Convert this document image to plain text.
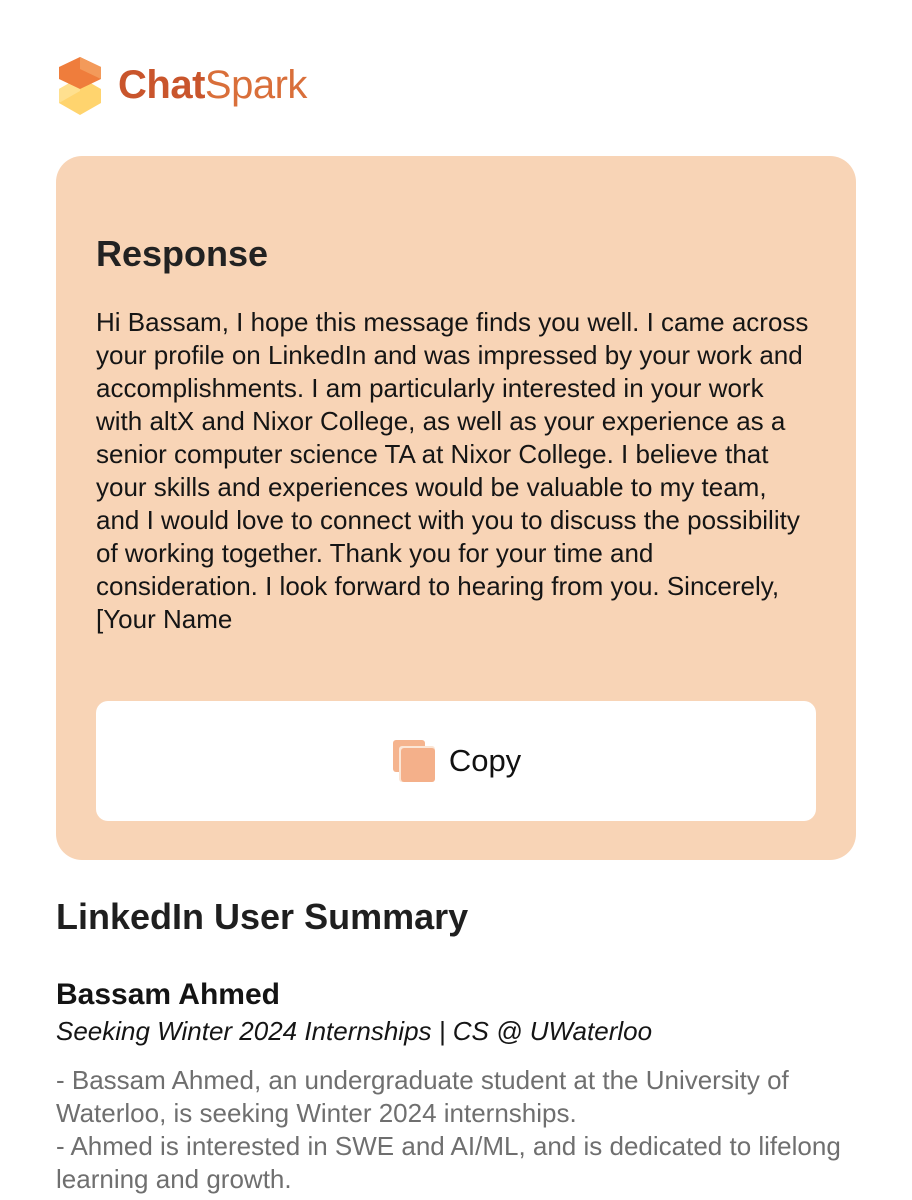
ChatSpark
Response

Hi Bassam, I hope this message finds you well. I came across your profile on LinkedIn and was impressed by your work and accomplishments. I am particularly interested in your work with altX and Nixor College, as well as your experience as a senior computer science TA at Nixor College. I believe that your skills and experiences would be valuable to my team, and I would love to connect with you to discuss the possibility of working together. Thank you for your time and consideration. I look forward to hearing from you. Sincerely, [Your Name

Copy
LinkedIn User Summary
Bassam Ahmed

Seeking Winter 2024 Internships | CS @ UWaterloo

- Bassam Ahmed, an undergraduate student at the University of Waterloo, is seeking Winter 2024 internships.
- Ahmed is interested in SWE and AI/ML, and is dedicated to lifelong learning and growth.
